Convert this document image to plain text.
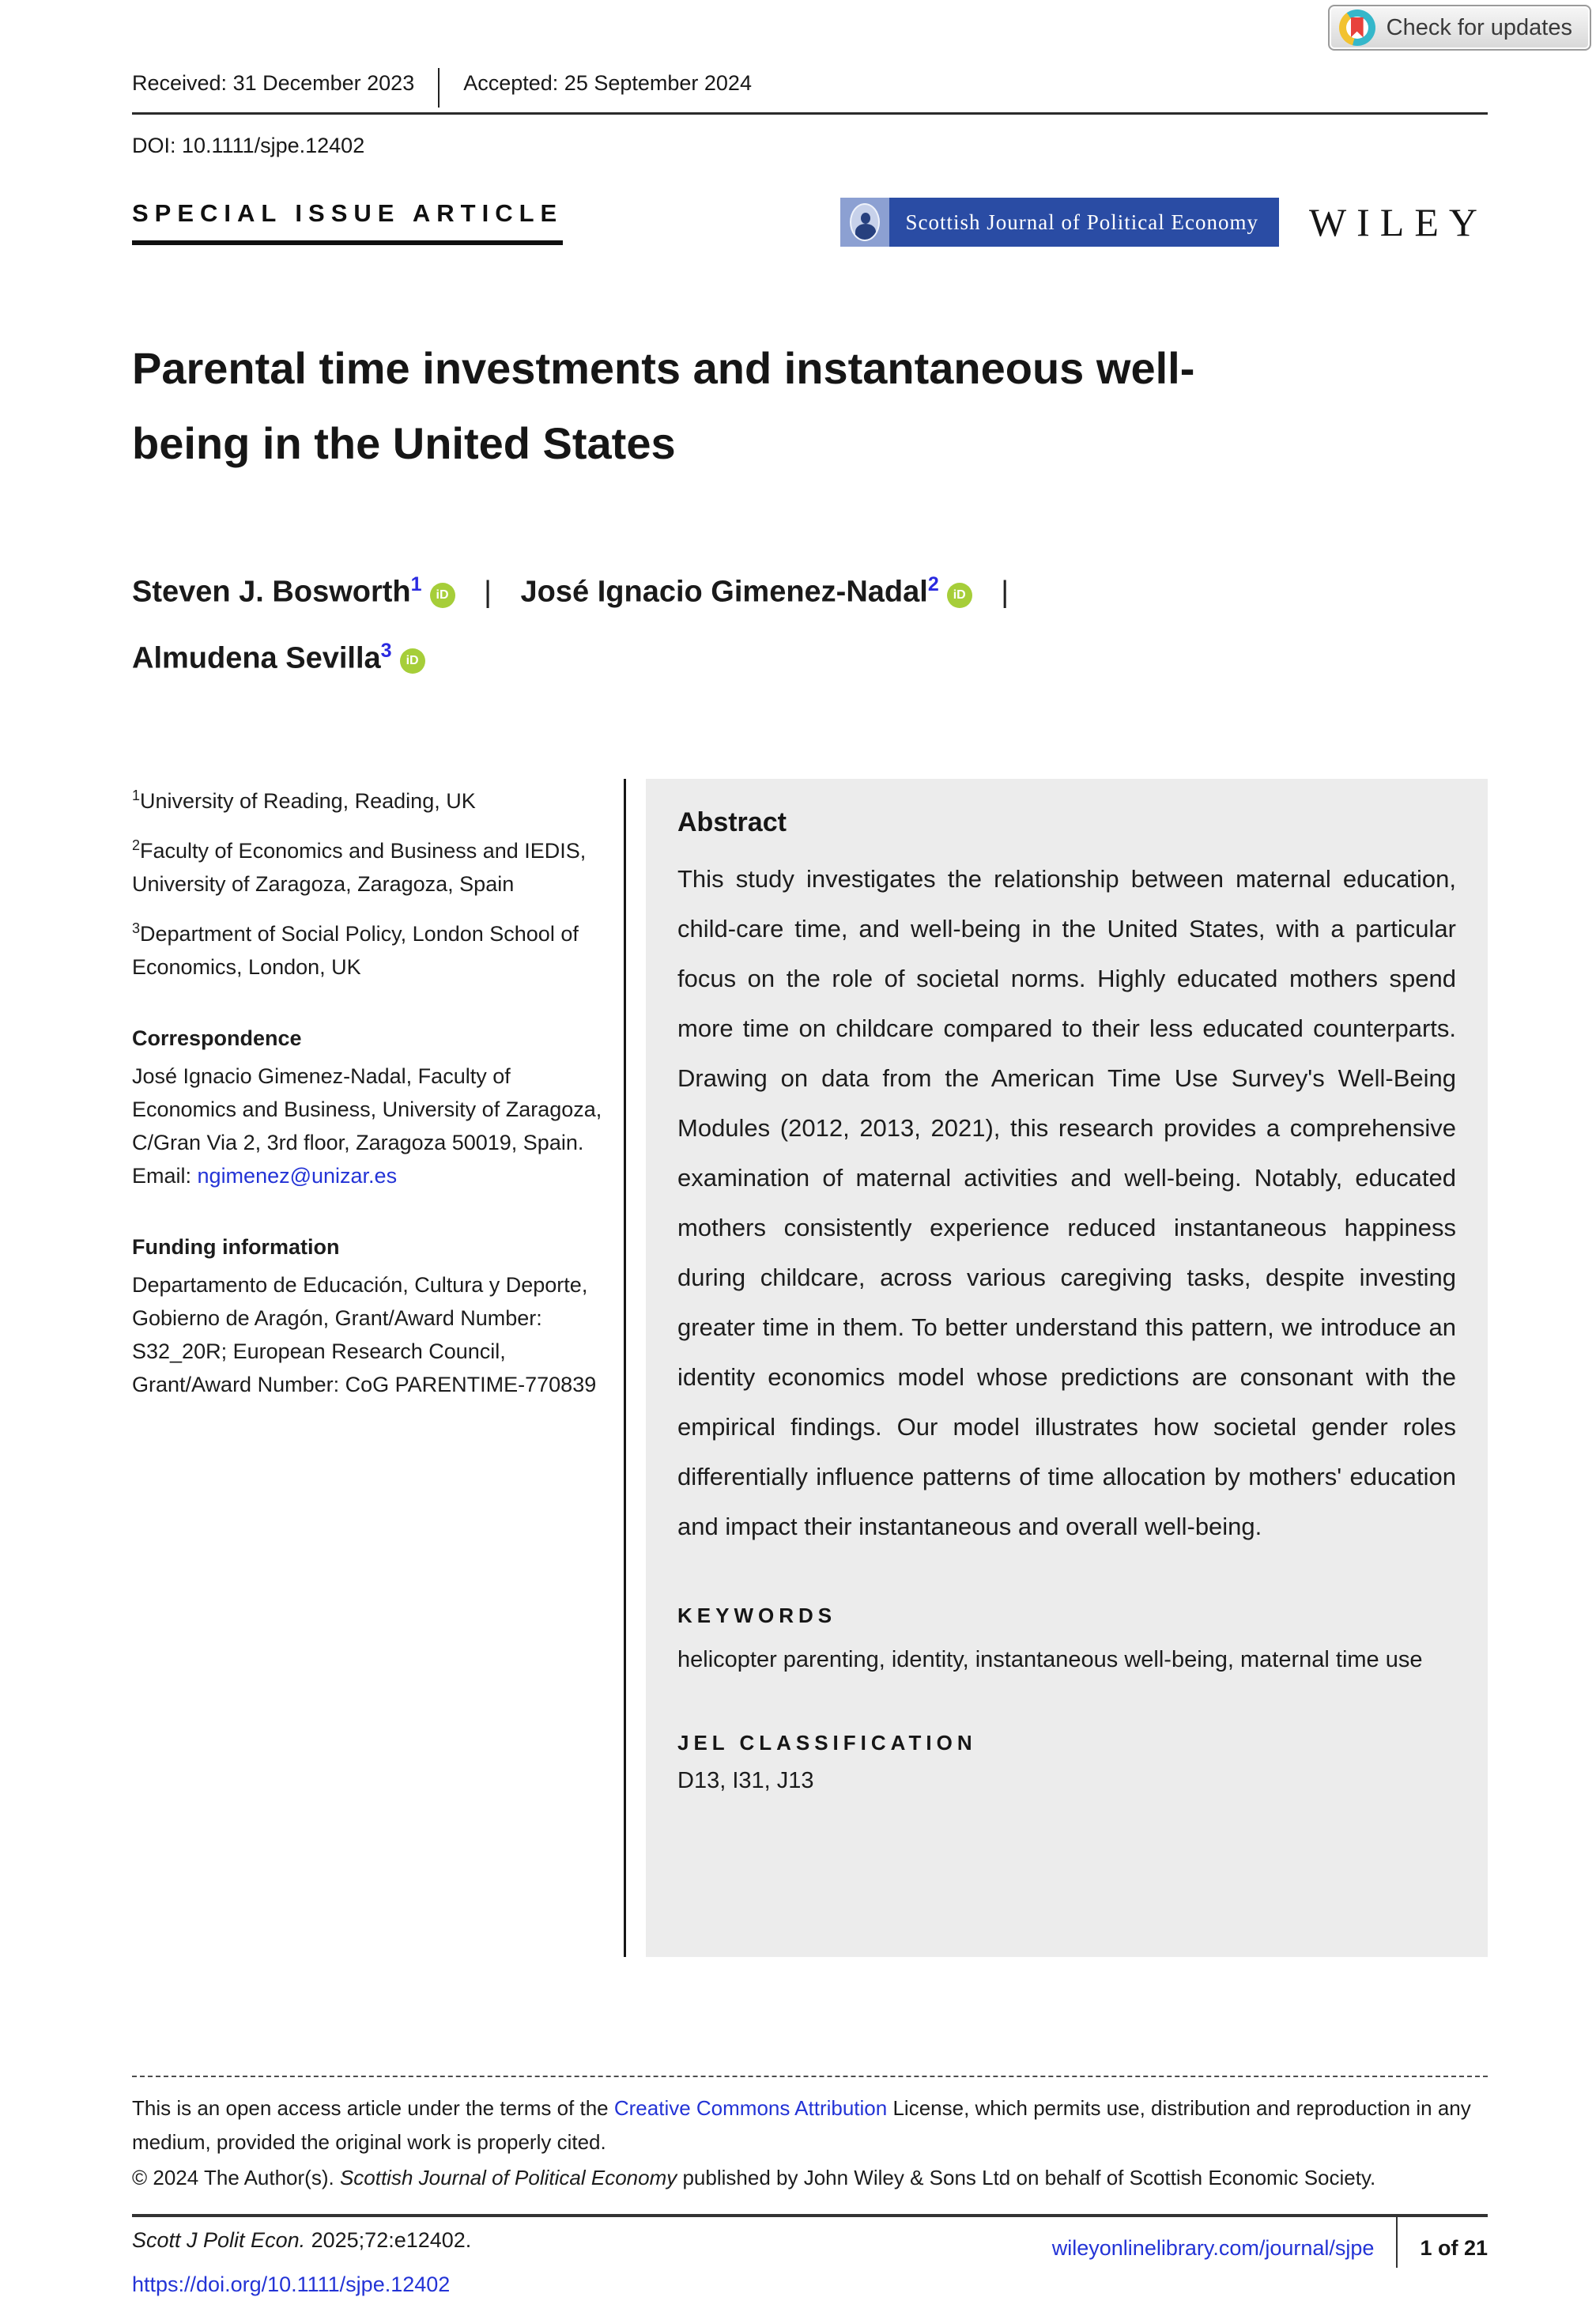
Check for updates
Received: 31 December 2023 Accepted: 25 September 2024
DOI: 10.1111/sjpe.12402
SPECIAL ISSUE ARTICLE	Scottish Journal of Political Economy	WILEY
Parental time investments and instantaneous well-being in the United States
Steven J. Bosworth$^1$ iD | José Ignacio Gimenez-Nadal$^2$ iD |
Almudena Sevilla$^3$ iD

$^1$University of Reading, Reading, UK

$^2$Faculty of Economics and Business and IEDIS, University of Zaragoza, Zaragoza, Spain

$^3$Department of Social Policy, London School of Economics, London, UK

Correspondence

José Ignacio Gimenez-Nadal, Faculty of Economics and Business, University of Zaragoza, C/Gran Via 2, 3rd floor, Zaragoza 50019, Spain.

Email: ngimenez@unizar.es

Funding information

Departamento de Educación, Cultura y Deporte, Gobierno de Aragón, Grant/Award Number: S32_20R; European Research Council, Grant/Award Number: CoG PARENTIME-770839

Abstract

This study investigates the relationship between maternal education, child-care time, and well-being in the United States, with a particular focus on the role of societal norms. Highly educated mothers spend more time on childcare compared to their less educated counterparts. Drawing on data from the American Time Use Survey's Well-Being Modules (2012, 2013, 2021), this research provides a comprehensive examination of maternal activities and well-being. Notably, educated mothers consistently experience reduced instantaneous happiness during childcare, across various caregiving tasks, despite investing greater time in them. To better understand this pattern, we introduce an identity economics model whose predictions are consonant with the empirical findings. Our model illustrates how societal gender roles differentially influence patterns of time allocation by mothers' education and impact their instantaneous and overall well-being.

KEYWORDS

helicopter parenting, identity, instantaneous well-being, maternal time use

JEL CLASSIFICATION

D13, I31, J13

This is an open access article under the terms of the Creative Commons Attribution License, which permits use, distribution and reproduction in any medium, provided the original work is properly cited.

© 2024 The Author(s). Scottish Journal of Political Economy published by John Wiley & Sons Ltd on behalf of Scottish Economic Society.

Scott J Polit Econ. 2025;72:e12402.	wileyonlinelibrary.com/journal/sjpe 1 of 21
https://doi.org/10.1111/sjpe.12402
